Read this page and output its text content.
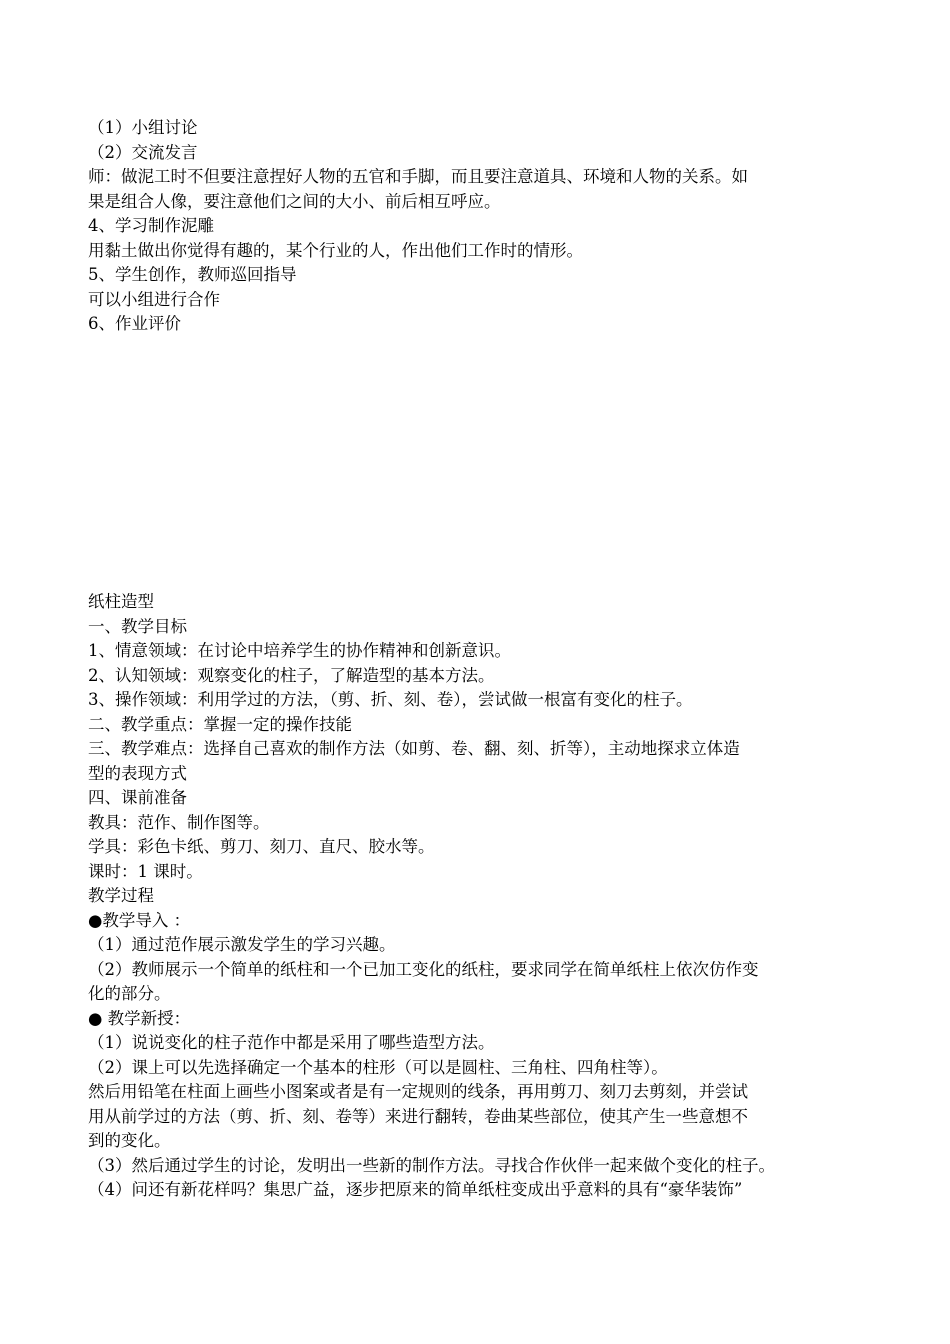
（1）小组讨论

（2）交流发言

师：做泥工时不但要注意捏好人物的五官和手脚，而且要注意道具、环境和人物的关系。如

果是组合人像，要注意他们之间的大小、前后相互呼应。

4、学习制作泥雕

用黏土做出你觉得有趣的，某个行业的人，作出他们工作时的情形。

5、学生创作，教师巡回指导

可以小组进行合作

6、作业评价

纸柱造型

一、教学目标

1、情意领域：在讨论中培养学生的协作精神和创新意识。

2、认知领域：观察变化的柱子，了解造型的基本方法。

3、操作领域：利用学过的方法，（剪、折、刻、卷），尝试做一根富有变化的柱子。

二、教学重点：掌握一定的操作技能

三、教学难点：选择自己喜欢的制作方法（如剪、卷、翻、刻、折等），主动地探求立体造

型的表现方式

四、课前准备

教具：范作、制作图等。

学具：彩色卡纸、剪刀、刻刀、直尺、胶水等。

课时：1 课时。

教学过程

●教学导入 ：

（1）通过范作展示激发学生的学习兴趣。

（2）教师展示一个简单的纸柱和一个已加工变化的纸柱，要求同学在简单纸柱上依次仿作变

化的部分。

● 教学新授：

（1）说说变化的柱子范作中都是采用了哪些造型方法。

（2）课上可以先选择确定一个基本的柱形（可以是圆柱、三角柱、四角柱等）。

然后用铅笔在柱面上画些小图案或者是有一定规则的线条，再用剪刀、刻刀去剪刻，并尝试

用从前学过的方法（剪、折、刻、卷等）来进行翻转，卷曲某些部位，使其产生一些意想不

到的变化。

（3）然后通过学生的讨论，发明出一些新的制作方法。寻找合作伙伴一起来做个变化的柱子。

（4）问还有新花样吗？集思广益，逐步把原来的简单纸柱变成出乎意料的具有“豪华装饰”
